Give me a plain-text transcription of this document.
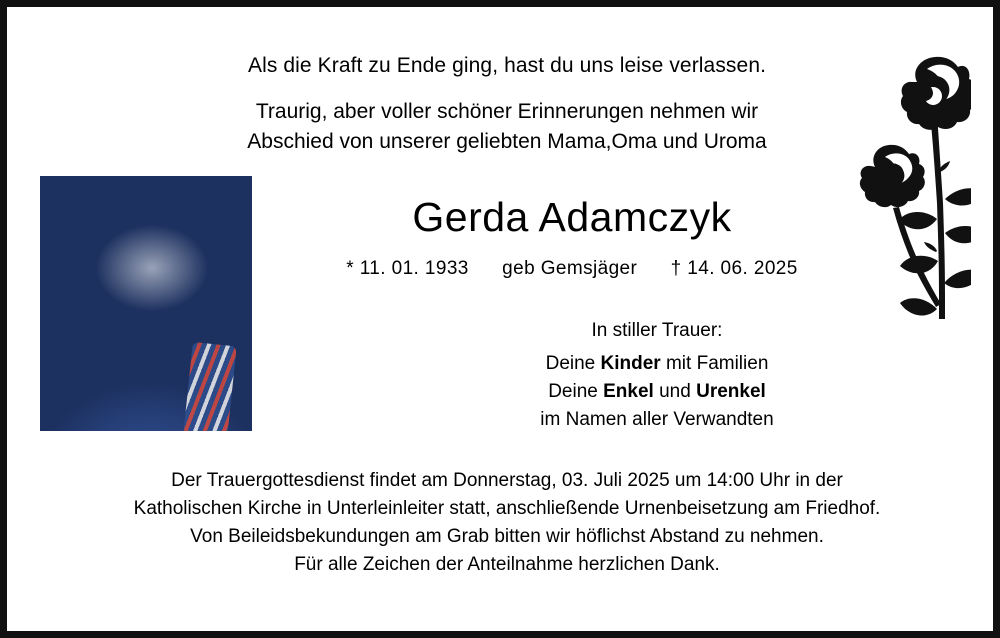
Als die Kraft zu Ende ging, hast du uns leise verlassen.
Traurig, aber voller schöner Erinnerungen nehmen wir
Abschied von unserer geliebten Mama,Oma und Uroma
Gerda Adamczyk
* 11. 01. 1933 geb Gemsjäger † 14. 06. 2025
In stiller Trauer:
Deine Kinder mit Familien
Deine Enkel und Urenkel
im Namen aller Verwandten
Der Trauergottesdienst findet am Donnerstag, 03. Juli 2025 um 14:00 Uhr in der
Katholischen Kirche in Unterleinleiter statt, anschließende Urnenbeisetzung am Friedhof.
Von Beileidsbekundungen am Grab bitten wir höflichst Abstand zu nehmen.
Für alle Zeichen der Anteilnahme herzlichen Dank.
